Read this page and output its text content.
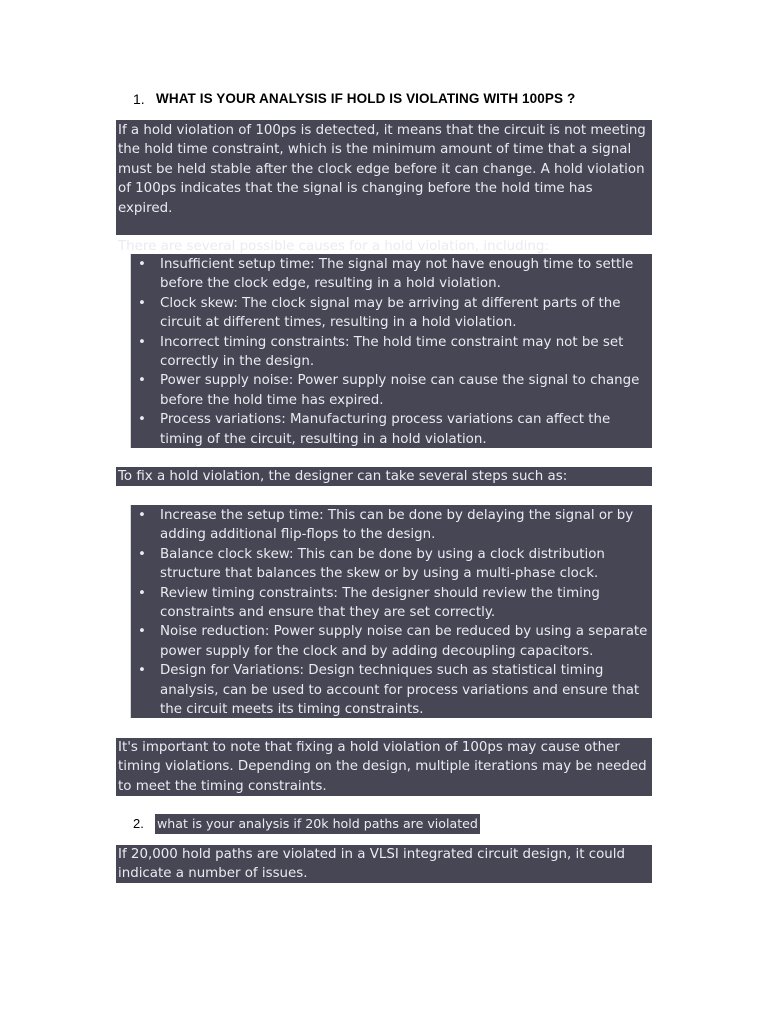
1. WHAT IS YOUR ANALYSIS IF HOLD IS VIOLATING WITH 100PS ?

If a hold violation of 100ps is detected, it means that the circuit is not meeting the hold time constraint, which is the minimum amount of time that a signal must be held stable after the clock edge before it can change. A hold violation of 100ps indicates that the signal is changing before the hold time has expired.

There are several possible causes for a hold violation, including:

• Insufficient setup time: The signal may not have enough time to settle before the clock edge, resulting in a hold violation.
• Clock skew: The clock signal may be arriving at different parts of the circuit at different times, resulting in a hold violation.
• Incorrect timing constraints: The hold time constraint may not be set correctly in the design.
• Power supply noise: Power supply noise can cause the signal to change before the hold time has expired.
• Process variations: Manufacturing process variations can affect the timing of the circuit, resulting in a hold violation.

To fix a hold violation, the designer can take several steps such as:

• Increase the setup time: This can be done by delaying the signal or by adding additional flip-flops to the design.
• Balance clock skew: This can be done by using a clock distribution structure that balances the skew or by using a multi-phase clock.
• Review timing constraints: The designer should review the timing constraints and ensure that they are set correctly.
• Noise reduction: Power supply noise can be reduced by using a separate power supply for the clock and by adding decoupling capacitors.
• Design for Variations: Design techniques such as statistical timing analysis, can be used to account for process variations and ensure that the circuit meets its timing constraints.

It's important to note that fixing a hold violation of 100ps may cause other timing violations. Depending on the design, multiple iterations may be needed to meet the timing constraints.

2. what is your analysis if 20k hold paths are violated

If 20,000 hold paths are violated in a VLSI integrated circuit design, it could indicate a number of issues.
